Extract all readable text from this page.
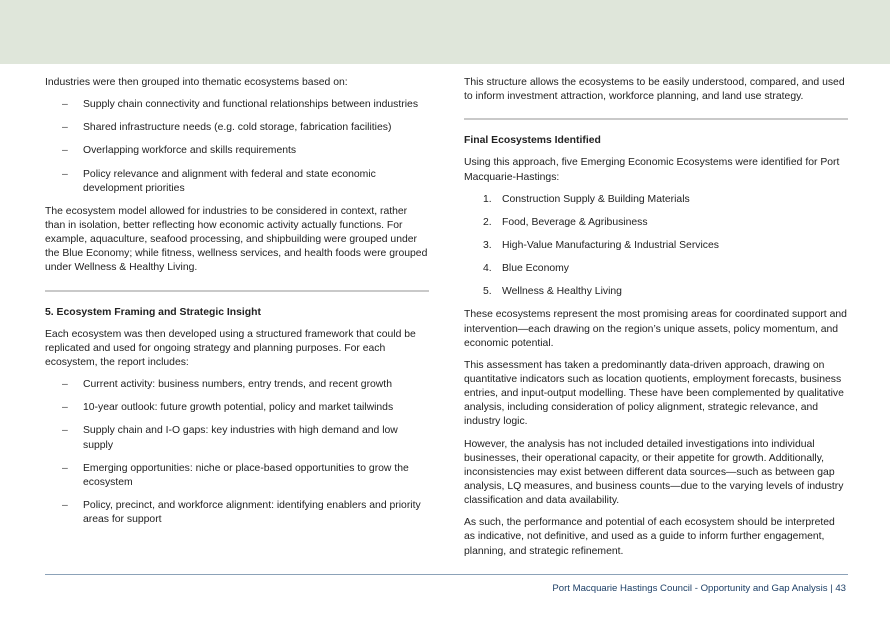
Industries were then grouped into thematic ecosystems based on:

– Supply chain connectivity and functional relationships between industries
– Shared infrastructure needs (e.g. cold storage, fabrication facilities)
– Overlapping workforce and skills requirements
– Policy relevance and alignment with federal and state economic development priorities

The ecosystem model allowed for industries to be considered in context, rather than in isolation, better reflecting how economic activity actually functions. For example, aquaculture, seafood processing, and shipbuilding were grouped under the Blue Economy; while fitness, wellness services, and health foods were grouped under Wellness & Healthy Living.

5. Ecosystem Framing and Strategic Insight

Each ecosystem was then developed using a structured framework that could be replicated and used for ongoing strategy and planning purposes. For each ecosystem, the report includes:

– Current activity: business numbers, entry trends, and recent growth
– 10-year outlook: future growth potential, policy and market tailwinds
– Supply chain and I-O gaps: key industries with high demand and low supply
– Emerging opportunities: niche or place-based opportunities to grow the ecosystem
– Policy, precinct, and workforce alignment: identifying enablers and priority areas for support

This structure allows the ecosystems to be easily understood, compared, and used to inform investment attraction, workforce planning, and land use strategy.

Final Ecosystems Identified

Using this approach, five Emerging Economic Ecosystems were identified for Port Macquarie-Hastings:

1. Construction Supply & Building Materials
2. Food, Beverage & Agribusiness
3. High-Value Manufacturing & Industrial Services
4. Blue Economy
5. Wellness & Healthy Living

These ecosystems represent the most promising areas for coordinated support and intervention—each drawing on the region’s unique assets, policy momentum, and economic potential.

This assessment has taken a predominantly data-driven approach, drawing on quantitative indicators such as location quotients, employment forecasts, business entries, and input-output modelling. These have been complemented by qualitative analysis, including consideration of policy alignment, strategic relevance, and industry logic.

However, the analysis has not included detailed investigations into individual businesses, their operational capacity, or their appetite for growth. Additionally, inconsistencies may exist between different data sources—such as between gap analysis, LQ measures, and business counts—due to the varying levels of industry classification and data availability.

As such, the performance and potential of each ecosystem should be interpreted as indicative, not definitive, and used as a guide to inform further engagement, planning, and strategic refinement.

Port Macquarie Hastings Council - Opportunity and Gap Analysis | 43
